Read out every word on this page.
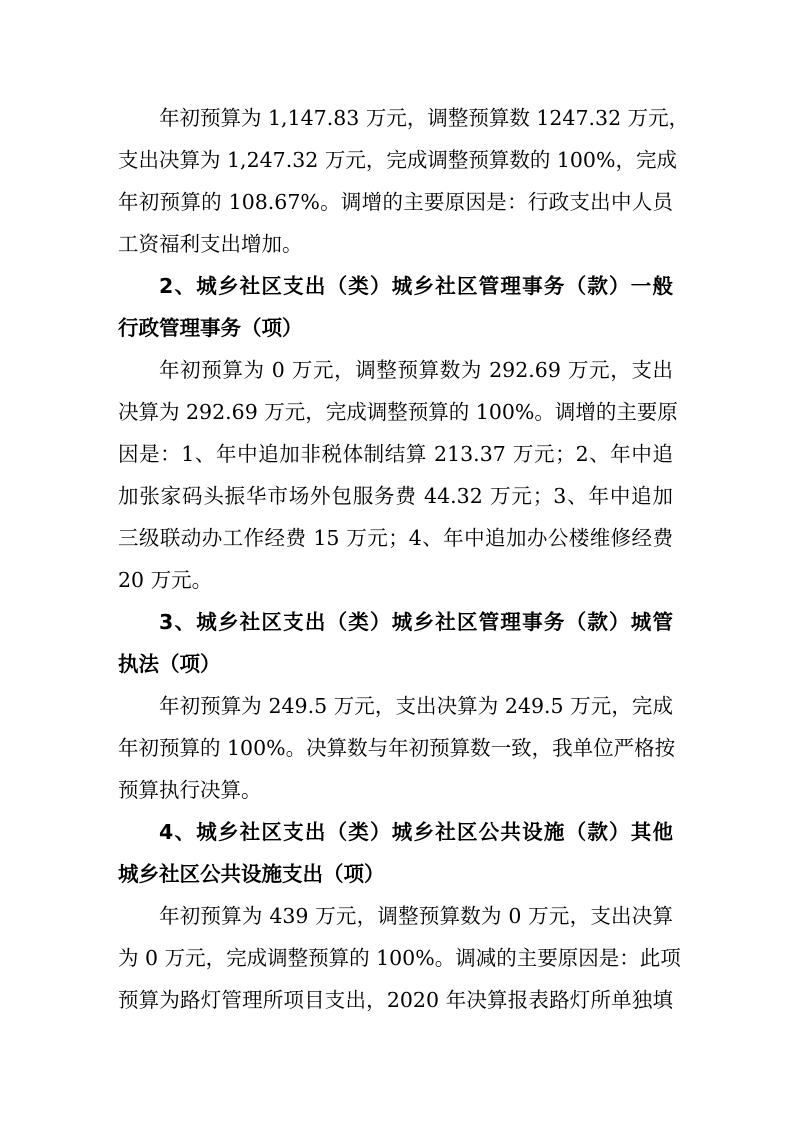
年初预算为 1,147.83 万元，调整预算数 1247.32 万元，
支出决算为 1,247.32 万元，完成调整预算数的 100%，完成
年初预算的 108.67%。调增的主要原因是：行政支出中人员
工资福利支出增加。
2、城乡社区支出（类）城乡社区管理事务（款）一般
行政管理事务（项）
年初预算为 0 万元，调整预算数为 292.69 万元，支出
决算为 292.69 万元，完成调整预算的 100%。调增的主要原
因是：1、年中追加非税体制结算 213.37 万元；2、年中追
加张家码头振华市场外包服务费 44.32 万元；3、年中追加
三级联动办工作经费 15 万元；4、年中追加办公楼维修经费
20 万元。
3、城乡社区支出（类）城乡社区管理事务（款）城管
执法（项）
年初预算为 249.5 万元，支出决算为 249.5 万元，完成
年初预算的 100%。决算数与年初预算数一致，我单位严格按
预算执行决算。
4、城乡社区支出（类）城乡社区公共设施（款）其他
城乡社区公共设施支出（项）
年初预算为 439 万元，调整预算数为 0 万元，支出决算
为 0 万元，完成调整预算的 100%。调减的主要原因是：此项
预算为路灯管理所项目支出，2020 年决算报表路灯所单独填
